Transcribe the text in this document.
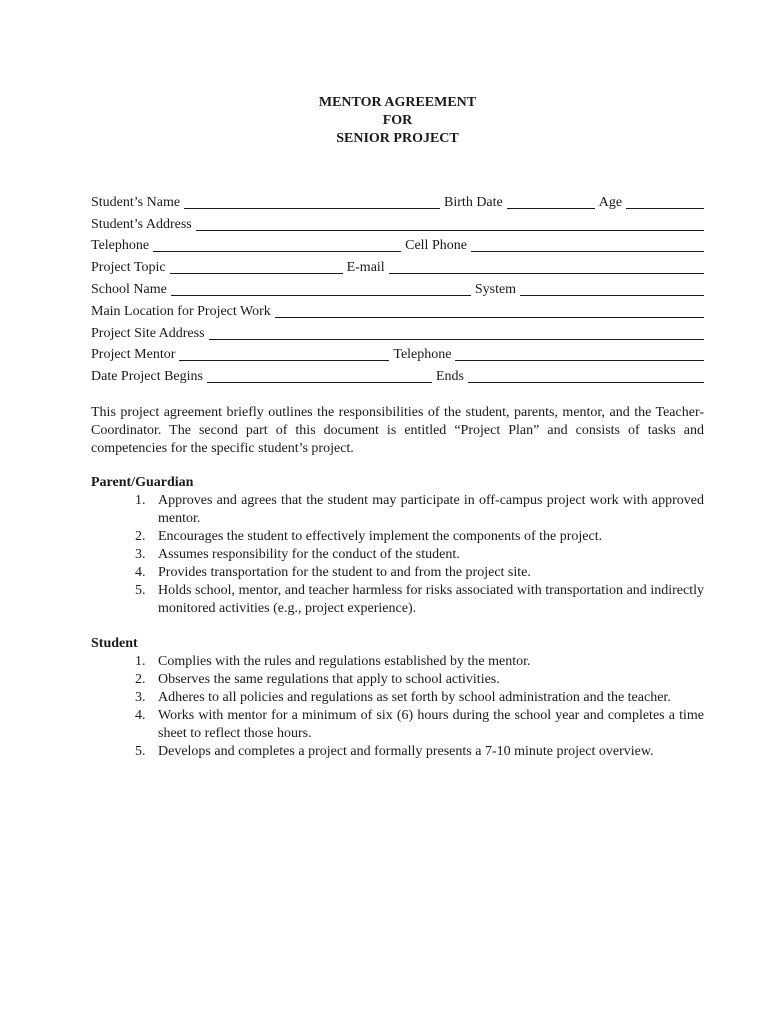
MENTOR AGREEMENT
FOR
SENIOR PROJECT
Student’s Name	Birth Date	Age
Student’s Address
Telephone	Cell Phone
Project Topic	E-mail
School Name	System
Main Location for Project Work
Project Site Address
Project Mentor	Telephone
Date Project Begins	Ends

This project agreement briefly outlines the responsibilities of the student, parents, mentor, and the Teacher-Coordinator. The second part of this document is entitled “Project Plan” and consists of tasks and competencies for the specific student’s project.

Parent/Guardian
1. Approves and agrees that the student may participate in off-campus project work with approved mentor.
2. Encourages the student to effectively implement the components of the project.
3. Assumes responsibility for the conduct of the student.
4. Provides transportation for the student to and from the project site.
5. Holds school, mentor, and teacher harmless for risks associated with transportation and indirectly monitored activities (e.g., project experience).
Student
1. Complies with the rules and regulations established by the mentor.
2. Observes the same regulations that apply to school activities.
3. Adheres to all policies and regulations as set forth by school administration and the teacher.
4. Works with mentor for a minimum of six (6) hours during the school year and completes a time sheet to reflect those hours.
5. Develops and completes a project and formally presents a 7-10 minute project overview.
